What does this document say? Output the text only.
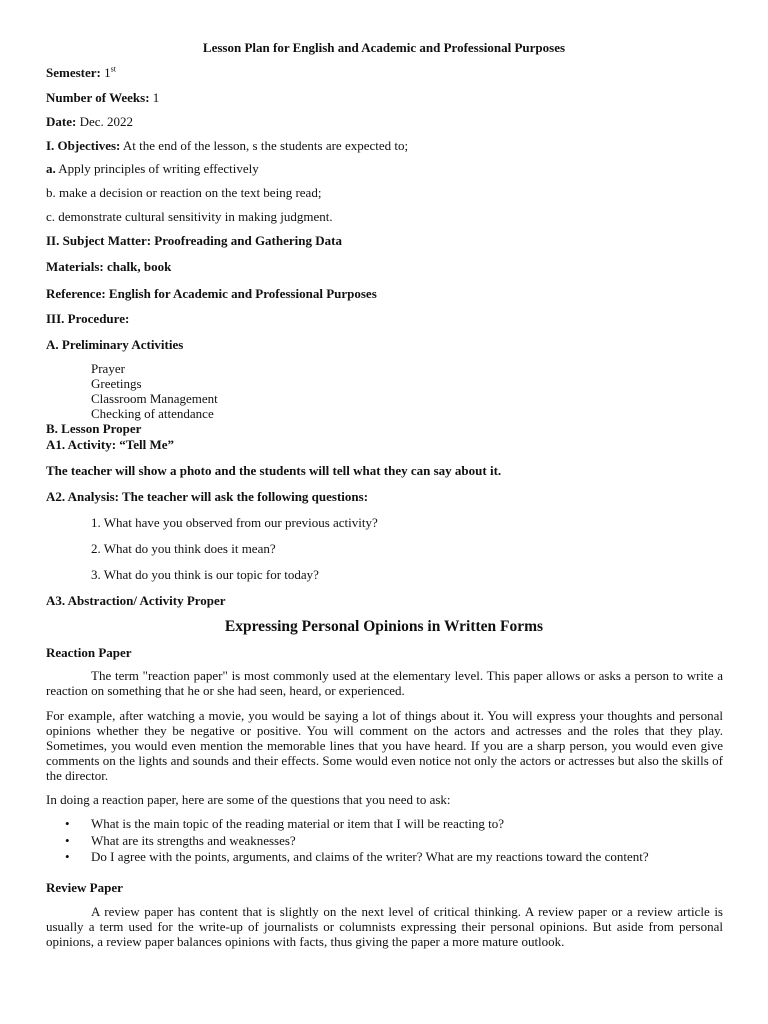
Lesson Plan for English and Academic and Professional Purposes
Semester: 1st
Number of Weeks: 1
Date: Dec. 2022
I. Objectives: At the end of the lesson, s the students are expected to;
a. Apply principles of writing effectively
b. make a decision or reaction on the text being read;
c. demonstrate cultural sensitivity in making judgment.
II. Subject Matter: Proofreading and Gathering Data
Materials: chalk, book
Reference: English for Academic and Professional Purposes
III. Procedure:
A. Preliminary Activities
Prayer
Greetings
Classroom Management
Checking of attendance
B. Lesson Proper
A1. Activity: “Tell Me”
The teacher will show a photo and the students will tell what they can say about it.
A2. Analysis: The teacher will ask the following questions:
1. What have you observed from our previous activity?
2. What do you think does it mean?
3. What do you think is our topic for today?
A3. Abstraction/ Activity Proper
Expressing Personal Opinions in Written Forms
Reaction Paper
The term "reaction paper" is most commonly used at the elementary level. This paper allows or asks a person to write a reaction on something that he or she had seen, heard, or experienced.
For example, after watching a movie, you would be saying a lot of things about it. You will express your thoughts and personal opinions whether they be negative or positive. You will comment on the actors and actresses and the roles that they play. Sometimes, you would even mention the memorable lines that you have heard. If you are a sharp person, you would even give comments on the lights and sounds and their effects. Some would even notice not only the actors or actresses but also the skills of the director.
In doing a reaction paper, here are some of the questions that you need to ask:
• What is the main topic of the reading material or item that I will be reacting to?
• What are its strengths and weaknesses?
• Do I agree with the points, arguments, and claims of the writer? What are my reactions toward the content?
Review Paper
A review paper has content that is slightly on the next level of critical thinking. A review paper or a review article is usually a term used for the write-up of journalists or columnists expressing their personal opinions. But aside from personal opinions, a review paper balances opinions with facts, thus giving the paper a more mature outlook.
